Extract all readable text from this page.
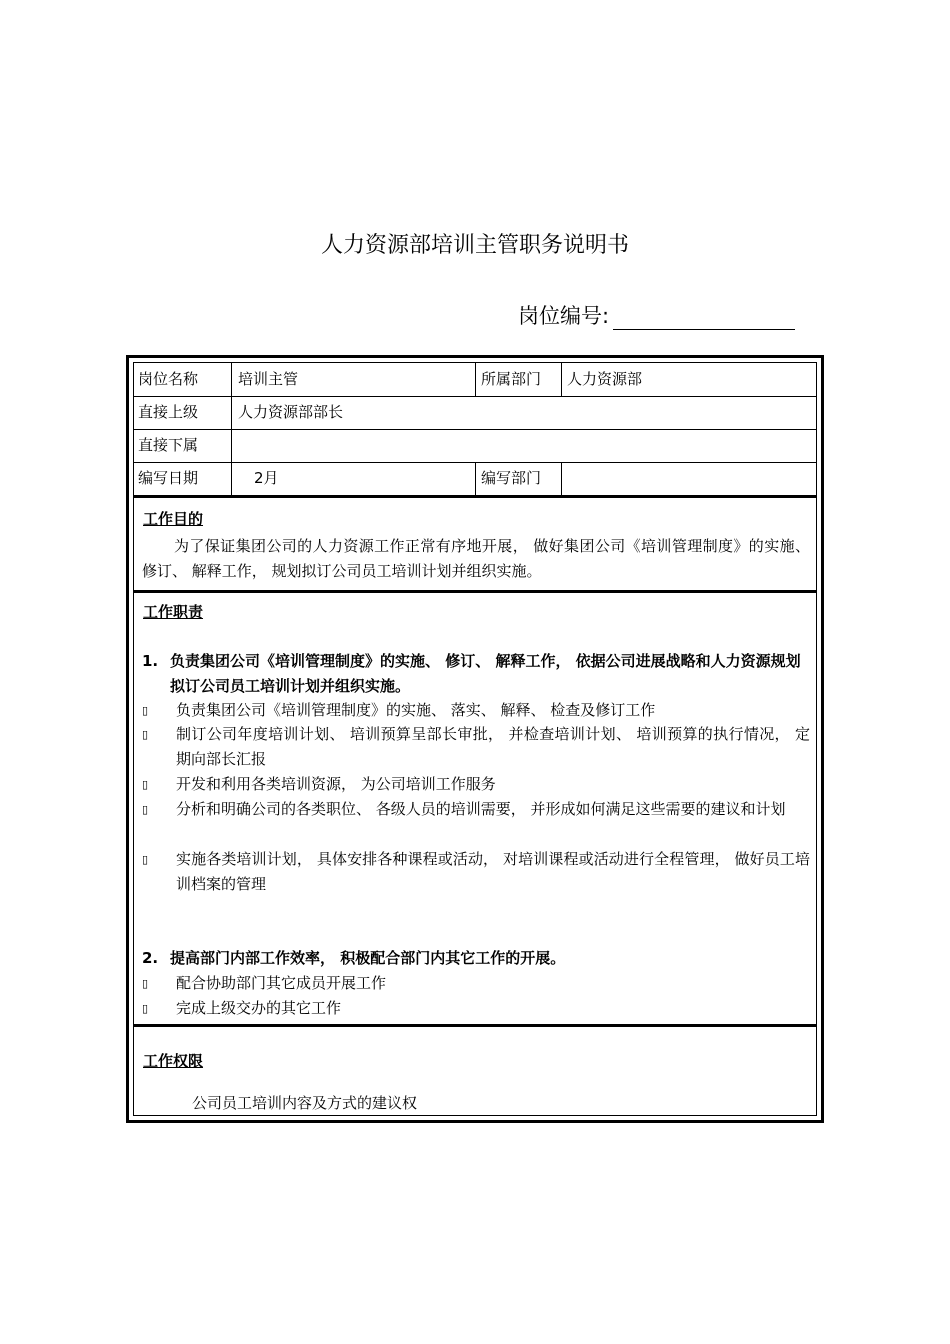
人力资源部培训主管职务说明书
岗位编号:
岗位名称	培训主管	所属部门	人力资源部
直接上级	人力资源部部长
直接下属
编写日期	2月	编写部门
工作目的
为了保证集团公司的人力资源工作正常有序地开展， 做好集团公司《培训管理制度》的实施、 修订、 解释工作， 规划拟订公司员工培训计划并组织实施。
工作职责
1. 负责集团公司《培训管理制度》的实施、 修订、 解释工作， 依据公司进展战略和人力资源规划拟订公司员工培训计划并组织实施。
▯ 负责集团公司《培训管理制度》的实施、 落实、 解释、 检查及修订工作
▯ 制订公司年度培训计划、 培训预算呈部长审批， 并检查培训计划、 培训预算的执行情况， 定期向部长汇报
▯ 开发和利用各类培训资源， 为公司培训工作服务
▯ 分析和明确公司的各类职位、 各级人员的培训需要， 并形成如何满足这些需要的建议和计划
▯ 实施各类培训计划， 具体安排各种课程或活动， 对培训课程或活动进行全程管理， 做好员工培训档案的管理
2. 提高部门内部工作效率， 积极配合部门内其它工作的开展。
▯ 配合协助部门其它成员开展工作
▯ 完成上级交办的其它工作
工作权限
公司员工培训内容及方式的建议权
